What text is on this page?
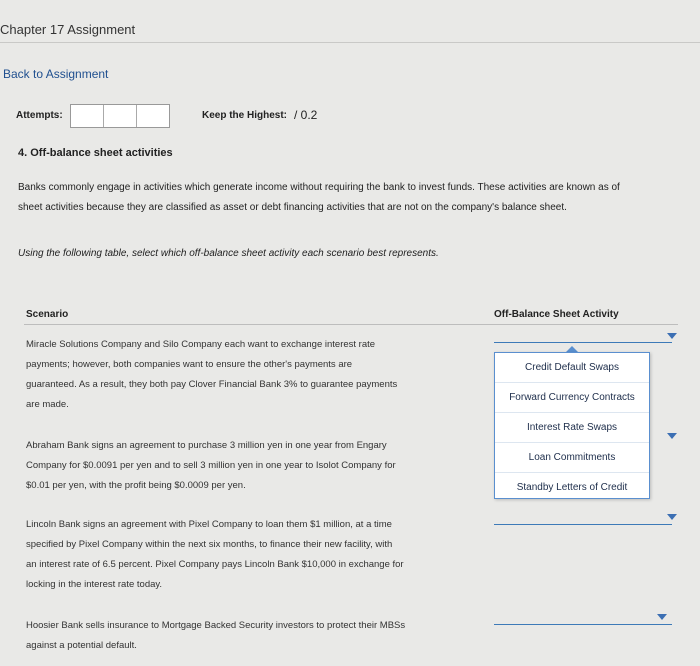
Chapter 17 Assignment
Back to Assignment
Attempts:	Keep the Highest: / 0.2
4. Off-balance sheet activities
Banks commonly engage in activities which generate income without requiring the bank to invest funds. These activities are known as of
sheet activities because they are classified as asset or debt financing activities that are not on the company's balance sheet.
Using the following table, select which off-balance sheet activity each scenario best represents.
Scenario	Off-Balance Sheet Activity
Miracle Solutions Company and Silo Company each want to exchange interest rate
payments; however, both companies want to ensure the other's payments are
guaranteed. As a result, they both pay Clover Financial Bank 3% to guarantee payments
are made.
Abraham Bank signs an agreement to purchase 3 million yen in one year from Engary
Company for $0.0091 per yen and to sell 3 million yen in one year to Isolot Company for
$0.01 per yen, with the profit being $0.0009 per yen.
Lincoln Bank signs an agreement with Pixel Company to loan them $1 million, at a time
specified by Pixel Company within the next six months, to finance their new facility, with
an interest rate of 6.5 percent. Pixel Company pays Lincoln Bank $10,000 in exchange for
locking in the interest rate today.
Hoosier Bank sells insurance to Mortgage Backed Security investors to protect their MBSs
against a potential default.
Credit Default Swaps
Forward Currency Contracts
Interest Rate Swaps
Loan Commitments
Standby Letters of Credit
